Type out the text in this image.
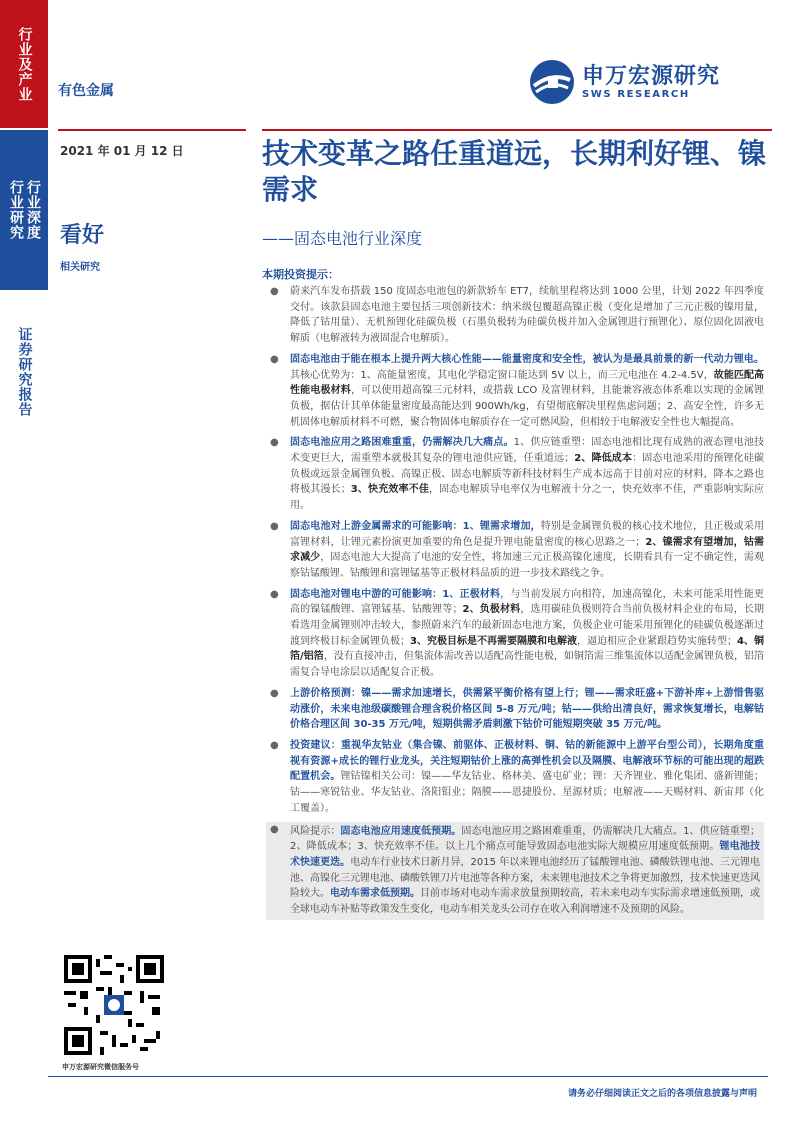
行业及产业
行业研究 行业深度
证券研究报告
有色金属
申万宏源研究
SWS RESEARCH
2021 年 01 月 12 日
看好
相关研究
技术变革之路任重道远，长期利好锂、镍需求
——固态电池行业深度
本期投资提示：
● 蔚来汽车发布搭载 150 度固态电池包的新款轿车 ET7，续航里程将达到 1000 公里，计划 2022 年四季度交付。该款县固态电池主要包括三项创新技术：纳米级包覆超高镍正极（变化是增加了三元正极的镍用量，降低了钴用量）、无机预锂化硅碳负极（石墨负极转为硅碳负极并加入金属锂进行预锂化）、原位固化固液电解质（电解液转为液固混合电解质）。
● 固态电池由于能在根本上提升两大核心性能——能量密度和安全性，被认为是最具前景的新一代动力锂电。其核心优势为：1、高能量密度，其电化学稳定窗口能达到 5V 以上，而三元电池在 4.2-4.5V，故能匹配高性能电极材料，可以使用超高镍三元材料，或搭载 LCO 及富锂材料，且能兼容液态体系难以实现的金属锂负极，据估计其单体能量密度最高能达到 900Wh/kg，有望彻底解决里程焦虑问题；2、高安全性，许多无机固体电解质材料不可燃，聚合物固体电解质存在一定可燃风险，但相较于电解液安全性也大幅提高。
● 固态电池应用之路困难重重，仍需解决几大痛点。1、供应链重塑：固态电池相比现有成熟的液态锂电池技术变更巨大，需重塑本就极其复杂的锂电池供应链，任重道远；2、降低成本：固态电池采用的预锂化硅碳负极或远景金属锂负极、高镍正极、固态电解质等新科技材料生产成本远高于目前对应的材料，降本之路也将极其漫长；3、快充效率不佳，固态电解质导电率仅为电解液十分之一，快充效率不佳，严重影响实际应用。
● 固态电池对上游金属需求的可能影响：1、锂需求增加，特别是金属锂负极的核心技术地位，且正极或采用富锂材料，让锂元素扮演更加重要的角色是提升锂电能量密度的核心思路之一；2、镍需求有望增加，钴需求减少，固态电池大大提高了电池的安全性，将加速三元正极高镍化速度，长期看具有一定不确定性，需观察钴锰酸锂、钴酸锂和富锂锰基等正极材料品质的进一步技术路线之争。
● 固态电池对锂电中游的可能影响：1、正极材料，与当前发展方向相符，加速高镍化，未来可能采用性能更高的镍锰酸锂、富锂锰基、钴酸锂等；2、负极材料，选用碳硅负极则符合当前负极材料企业的布局，长期看选用金属锂则冲击较大，参照蔚来汽车的最新固态电池方案，负极企业可能采用预锂化的硅碳负极逐渐过渡到终极目标金属锂负极；3、究极目标是不再需要隔膜和电解液，逼迫相应企业紧跟趋势实施转型；4、铜箔/铝箔，没有直接冲击，但集流体需改善以适配高性能电极，如铜箔需三维集流体以适配金属锂负极，铝箔需复合导电涂层以适配复合正极。
● 上游价格预测：镍——需求加速增长，供需紧平衡价格有望上行；锂——需求旺盛+下游补库+上游惜售驱动涨价，未来电池级碳酸锂合理含税价格区间 5-8 万元/吨；钴——供给出清良好，需求恢复增长，电解钴价格合理区间 30-35 万元/吨，短期供需矛盾刺激下钴价可能短期突破 35 万元/吨。
● 投资建议：重视华友钴业（集合镍、前驱体、正极材料、铜、钴的新能源中上游平台型公司），长期角度重视有资源+成长的锂行业龙头，关注短期钴价上涨的高弹性机会以及隔膜、电解液环节标的可能出现的超跌配置机会。锂钴镍相关公司：镍——华友钴业、格林美、盛屯矿业；锂：天齐锂业、雅化集团、盛新锂能；钴——寒锐钴业、华友钴业、洛阳钼业；隔膜——恩捷股份、星源材质；电解液——天赐材料、新宙邦（化工覆盖）。
● 风险提示：固态电池应用速度低预期。固态电池应用之路困难重重，仍需解决几大痛点。1、供应链重塑；2、降低成本；3、快充效率不佳。以上几个痛点可能导致固态电池实际大规模应用速度低预期。锂电池技术快速更迭。电动车行业技术日新月异，2015 年以来锂电池经历了锰酸锂电池、磷酸铁锂电池、三元锂电池、高镍化三元锂电池、磷酸铁锂刀片电池等各种方案，未来锂电池技术之争将更加激烈，技术快速更迭风险较大。电动车需求低预期。目前市场对电动车需求放量预期较高，若未来电动车实际需求增速低预期，或全球电动车补贴等政策发生变化，电动车相关龙头公司存在收入利润增速不及预期的风险。
申万宏源研究微信服务号
请务必仔细阅读正文之后的各项信息披露与声明
